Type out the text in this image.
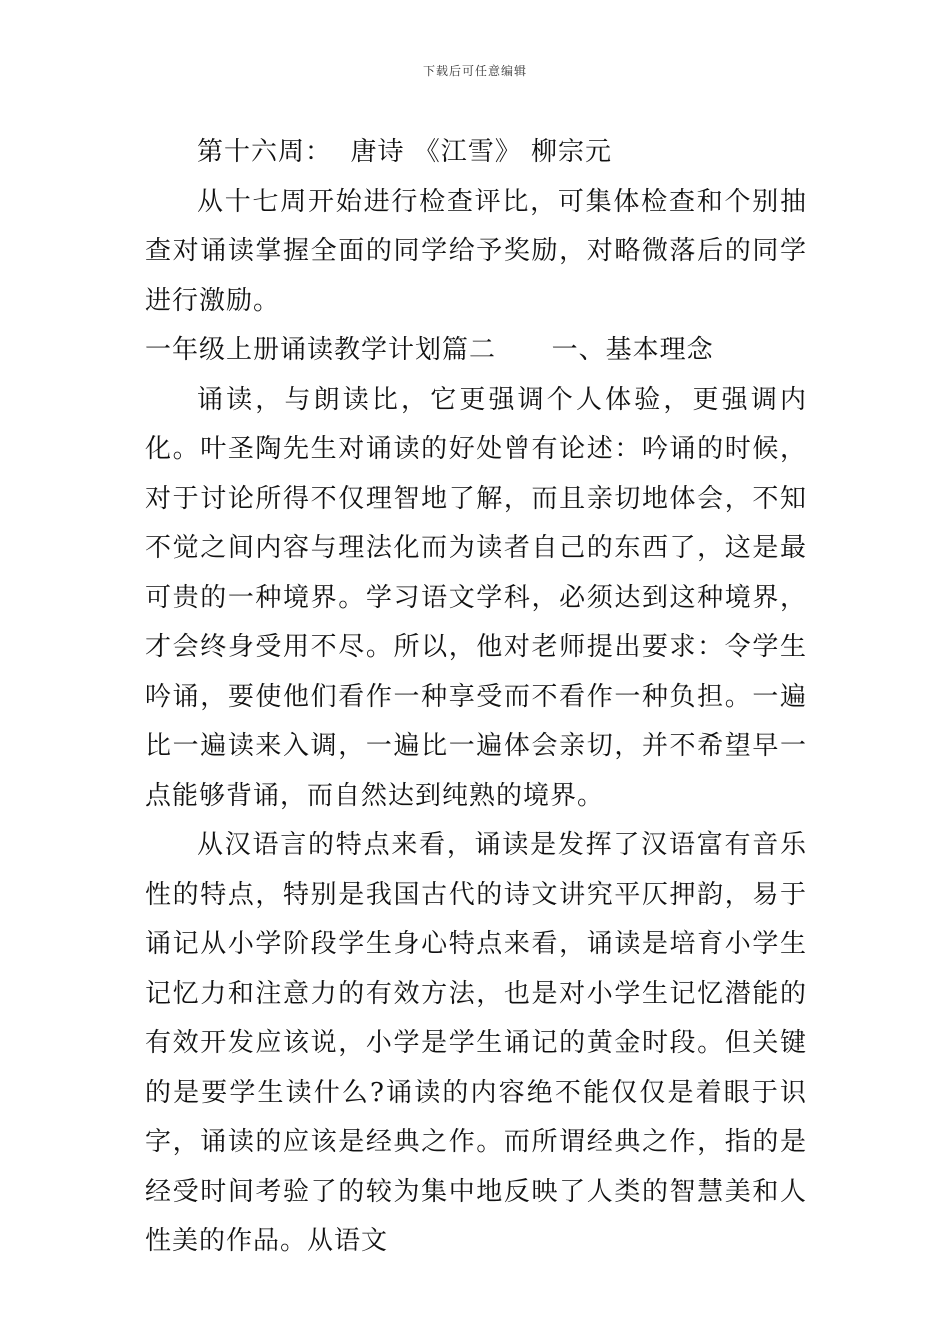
下载后可任意编辑

第十六周：  唐诗 《江雪》 柳宗元

从十七周开始进行检查评比，可集体检查和个别抽查对诵读掌握全面的同学给予奖励，对略微落后的同学进行激励。

一年级上册诵读教学计划篇二      一、基本理念

诵读，与朗读比，它更强调个人体验，更强调内化。叶圣陶先生对诵读的好处曾有论述：吟诵的时候，对于讨论所得不仅理智地了解，而且亲切地体会，不知不觉之间内容与理法化而为读者自己的东西了，这是最可贵的一种境界。学习语文学科，必须达到这种境界，才会终身受用不尽。所以，他对老师提出要求：令学生吟诵，要使他们看作一种享受而不看作一种负担。一遍比一遍读来入调，一遍比一遍体会亲切，并不希望早一点能够背诵，而自然达到纯熟的境界。

从汉语言的特点来看，诵读是发挥了汉语富有音乐性的特点，特别是我国古代的诗文讲究平仄押韵，易于诵记从小学阶段学生身心特点来看，诵读是培育小学生记忆力和注意力的有效方法，也是对小学生记忆潜能的有效开发应该说，小学是学生诵记的黄金时段。但关键的是要学生读什么?诵读的内容绝不能仅仅是着眼于识字，诵读的应该是经典之作。而所谓经典之作，指的是经受时间考验了的较为集中地反映了人类的智慧美和人性美的作品。从语文
